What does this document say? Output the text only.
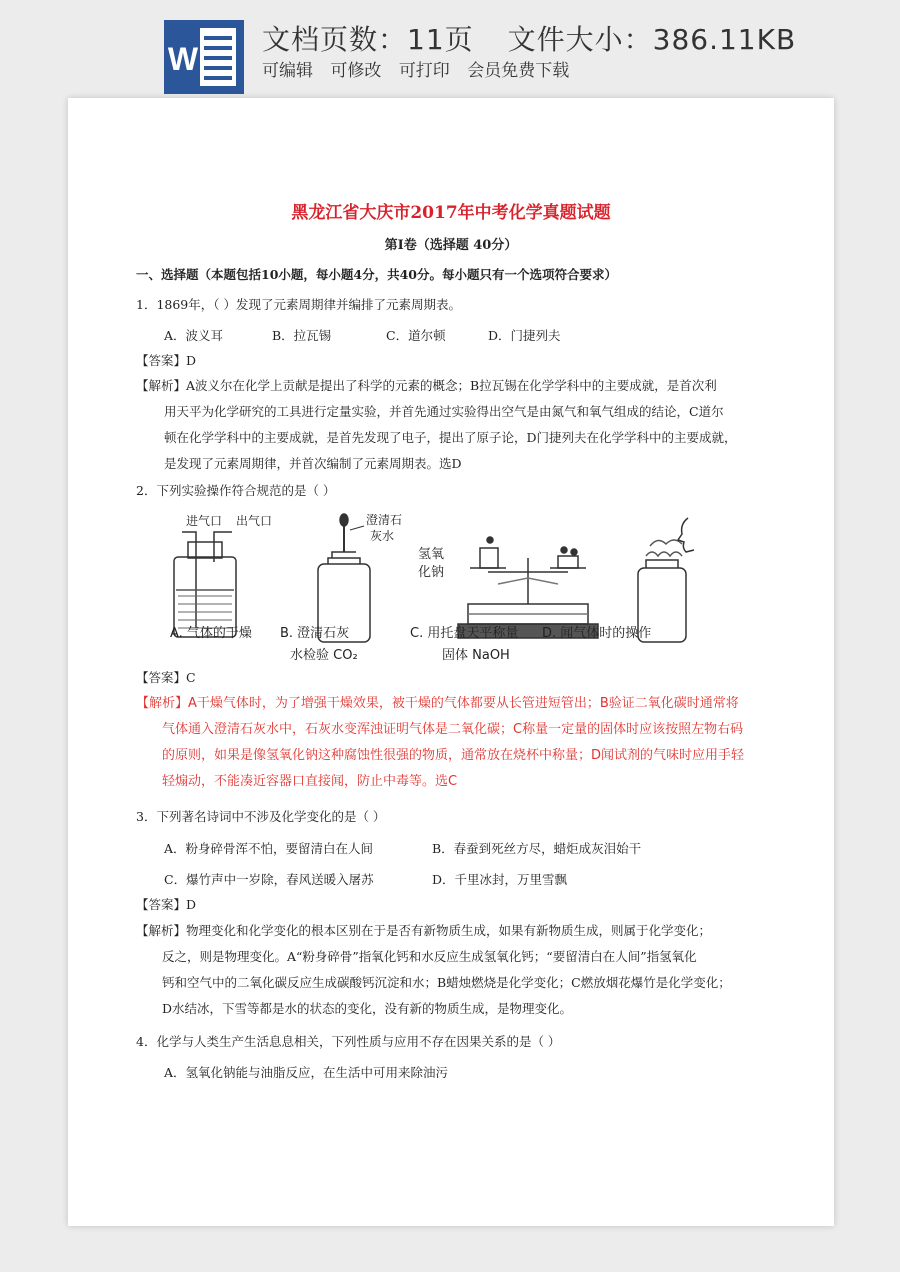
W
文档页数：11页 文件大小：386.11KB
可编辑 可修改 可打印 会员免费下载
黑龙江省大庆市2017年中考化学真题试题
第Ⅰ卷（选择题 40分）
一、选择题（本题包括10小题，每小题4分，共40分。每小题只有一个选项符合要求）
1．1869年，（ ）发现了元素周期律并编排了元素周期表。
A．波义耳	B．拉瓦锡	C．道尔顿	D．门捷列夫
【答案】D
【解析】A波义尔在化学上贡献是提出了科学的元素的概念；B拉瓦锡在化学学科中的主要成就，是首次利
用天平为化学研究的工具进行定量实验，并首先通过实验得出空气是由氮气和氧气组成的结论，C道尔
顿在化学学科中的主要成就，是首先发现了电子，提出了原子论，D门捷列夫在化学学科中的主要成就，
是发现了元素周期律，并首次编制了元素周期表。选D
2．下列实验操作符合规范的是（ ）
进气口 出气口	澄清石
灰水
氢氧
化钠
A. 气体的干燥 B. 澄清石灰
水检验 CO₂
C. 用托盘天平称量
固体 NaOH
D. 闻气体时的操作
【答案】C
【解析】A干燥气体时，为了增强干燥效果，被干燥的气体都要从长管进短管出；B验证二氧化碳时通常将
气体通入澄清石灰水中，石灰水变浑浊证明气体是二氧化碳；C称量一定量的固体时应该按照左物右码
的原则，如果是像氢氧化钠这种腐蚀性很强的物质，通常放在烧杯中称量；D闻试剂的气味时应用手轻
轻煽动，不能凑近容器口直接闻，防止中毒等。选C
3．下列著名诗词中不涉及化学变化的是（ ）
A．粉身碎骨浑不怕，要留清白在人间	B．春蚕到死丝方尽，蜡炬成灰泪始干
C．爆竹声中一岁除，春风送暖入屠苏	D．千里冰封，万里雪飘
【答案】D
【解析】物理变化和化学变化的根本区别在于是否有新物质生成，如果有新物质生成，则属于化学变化；
反之，则是物理变化。A“粉身碎骨”指氧化钙和水反应生成氢氧化钙；“要留清白在人间”指氢氧化
钙和空气中的二氧化碳反应生成碳酸钙沉淀和水；B蜡烛燃烧是化学变化；C燃放烟花爆竹是化学变化；
D水结冰，下雪等都是水的状态的变化，没有新的物质生成，是物理变化。
4．化学与人类生产生活息息相关，下列性质与应用不存在因果关系的是（ ）
A．氢氧化钠能与油脂反应，在生活中可用来除油污
